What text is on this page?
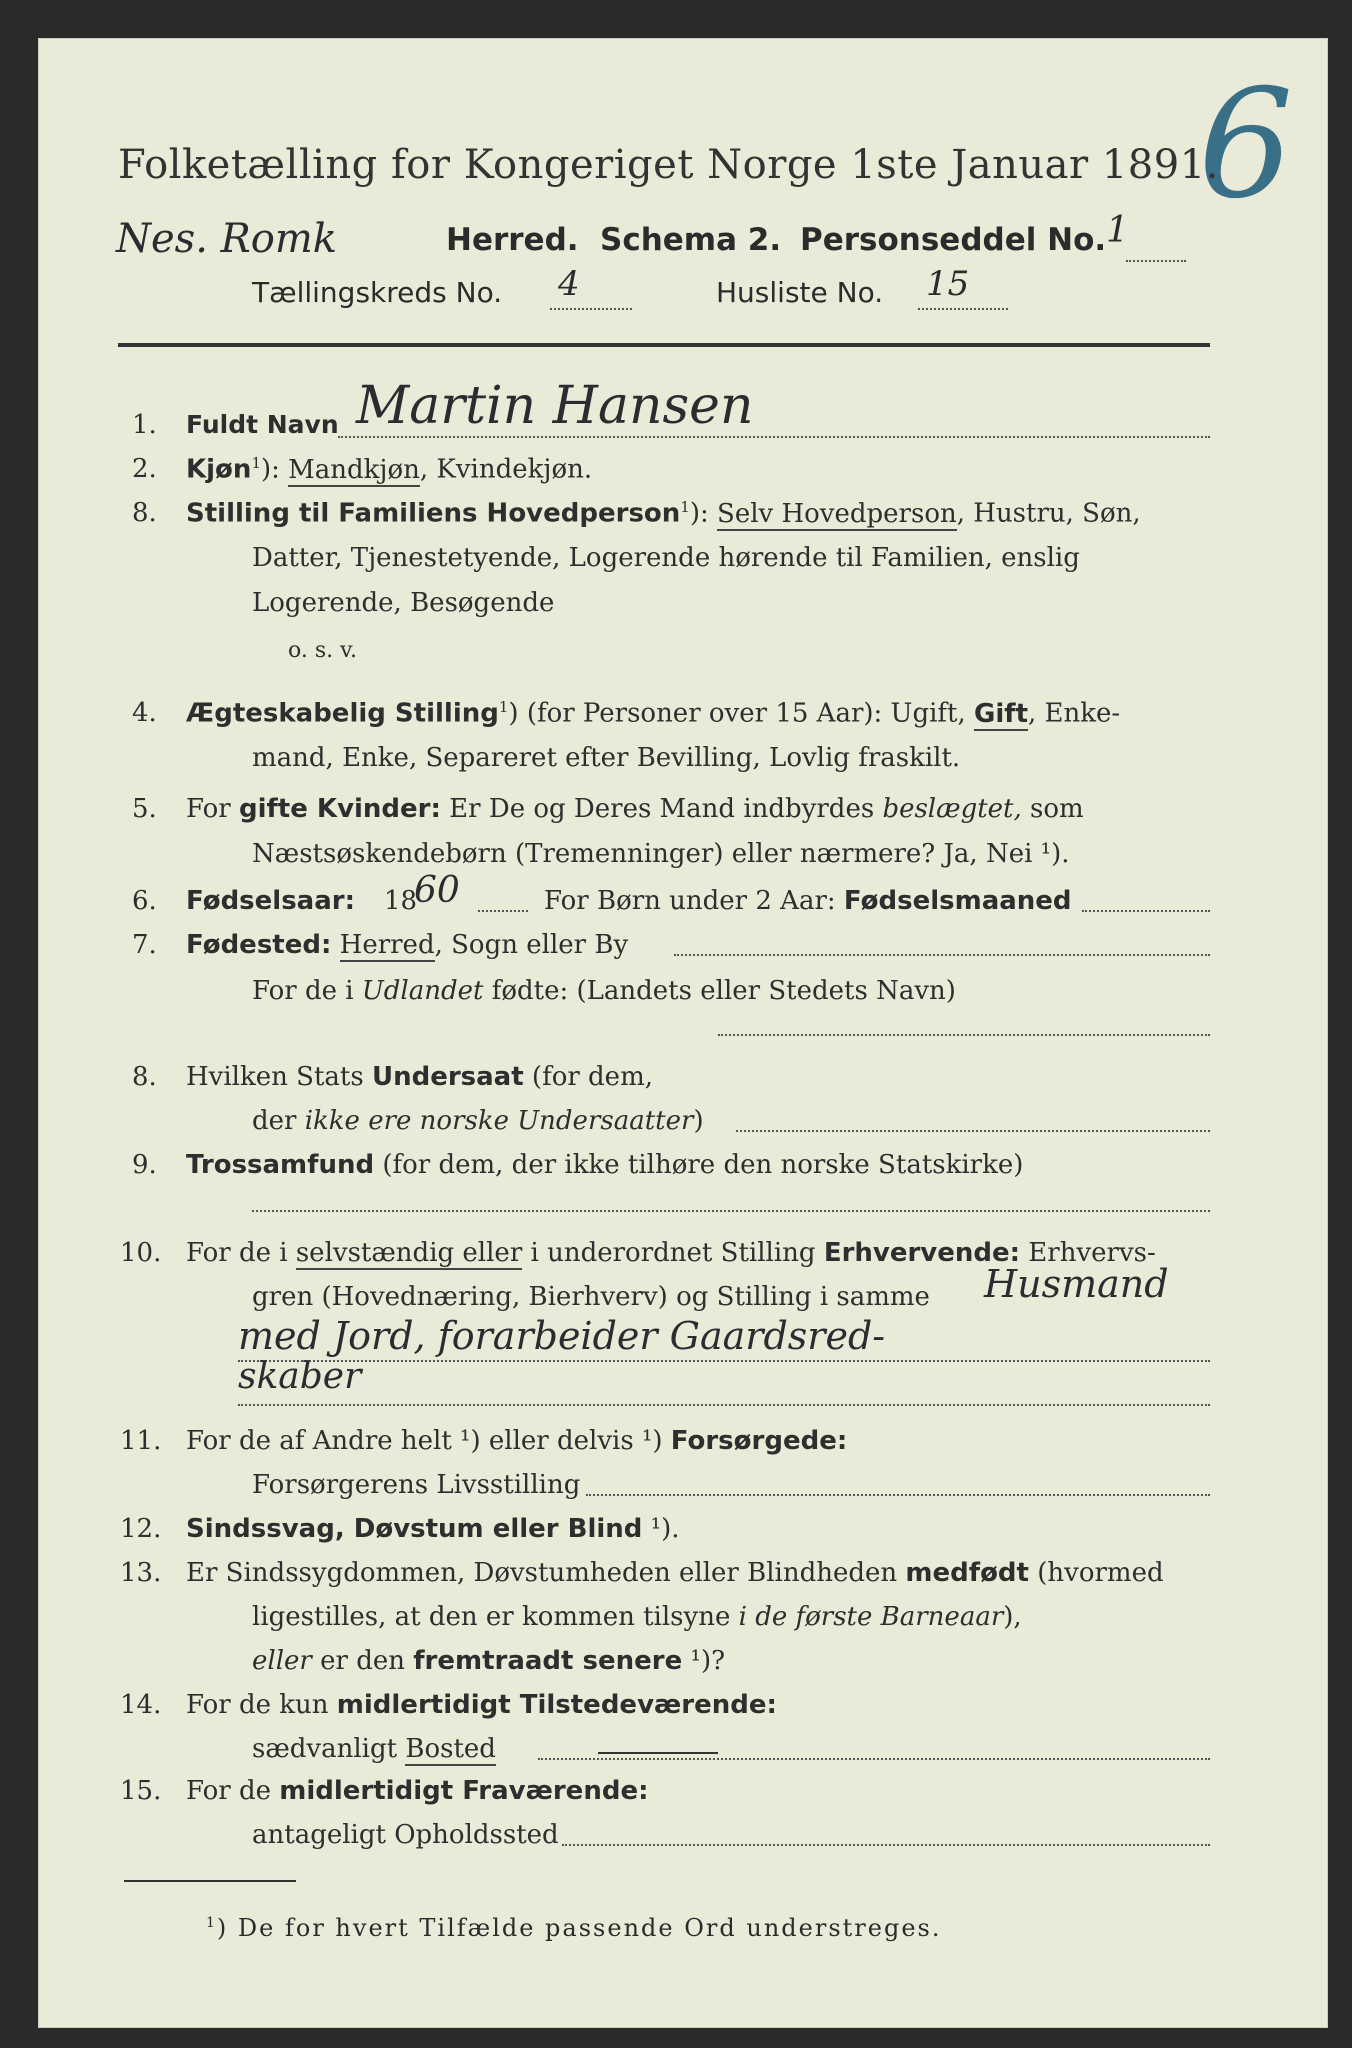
6
Folketælling for Kongeriget Norge 1ste Januar 1891.
Nes. Romk	Herred. Schema 2. Personseddel No. 1
Tællingskreds No. 4	Husliste No. 15
1. Fuldt Navn Martin Hansen
2. Kjøn$^1$): Mandkjøn, Kvindekjøn.
8. Stilling til Familiens Hovedperson$^1$): Selv Hovedperson, Hustru, Søn,
Datter, Tjenestetyende, Logerende hørende til Familien, enslig
Logerende, Besøgende
o. s. v.
4. Ægteskabelig Stilling$^1$) (for Personer over 15 Aar): Ugift, Gift, Enke-
mand, Enke, Separeret efter Bevilling, Lovlig fraskilt.
5. For gifte Kvinder: Er De og Deres Mand indbyrdes beslægtet, som
Næstsøskendebørn (Tremenninger) eller nærmere? Ja, Nei ¹).
6. Fødselsaar: 18
60	For Børn under 2 Aar: Fødselsmaaned
7. Fødested: Herred, Sogn eller By
For de i Udlandet fødte: (Landets eller Stedets Navn)
8. Hvilken Stats Undersaat (for dem,
der ikke ere norske Undersaatter)
9. Trossamfund (for dem, der ikke tilhøre den norske Statskirke)
10. For de i selvstændig eller i underordnet Stilling Erhvervende: Erhvervs-
gren (Hovednæring, Bierhverv) og Stilling i samme Husmand
med Jord, forarbeider Gaardsred-
skaber
11. For de af Andre helt ¹) eller delvis ¹) Forsørgede:
Forsørgerens Livsstilling
12. Sindssvag, Døvstum eller Blind ¹).
13. Er Sindssygdommen, Døvstumheden eller Blindheden medfødt (hvormed
ligestilles, at den er kommen tilsyne i de første Barneaar),
eller er den fremtraadt senere ¹)?
14. For de kun midlertidigt Tilstedeværende:
sædvanligt Bosted
15. For de midlertidigt Fraværende:
antageligt Opholdssted
$^1$) De for hvert Tilfælde passende Ord understreges.
